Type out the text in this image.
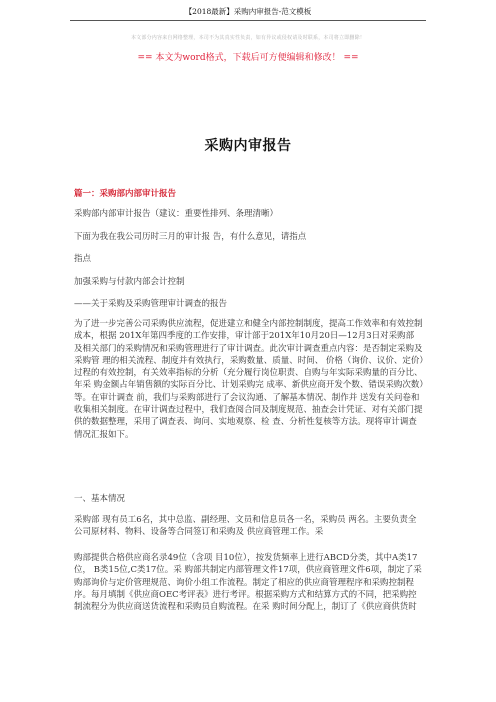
【2018最新】采购内审报告-范文模板
本文部分内容来自网络整理，本司不为其真实性负责，如有异议或侵权请及时联系，本司将立即删除！
== 本文为word格式，下载后可方便编辑和修改！ ==
采购内审报告
篇一：采购部内部审计报告
采购部内部审计报告（建议：重要性排列、条理清晰）
下面为我在我公司历时三月的审计报 告，有什么意见，请指点
指点
加强采购与付款内部会计控制
——关于采购及采购管理审计调查的报告
为了进一步完善公司采购供应流程，促进建立和健全内部控制制度，提高工作效率和有效控制成本，根据 201X年第四季度的工作安排，审计部于201X年10月20日—12月3日对采购部 及相关部门的采购情况和采购管理进行了审计调查。此次审计调查重点内容：是否制定采购及采购管 理的相关流程、制度并有效执行，采购数量、质量、时间、 价格（询价、议价、定价）过程的有效控制，有关效率指标的分析（充分履行岗位职责、自购与年实际采购量的百分比、年采 购金额占年销售额的实际百分比、计划采购完 成率、新供应商开发个数、错误采购次数）等。在审计调查 前，我们与采购部进行了会议沟通、了解基本情况、制作并 送发有关问卷和收集相关制度。在审计调查过程中，我们查阅合同及制度规范、抽查会计凭证、对有关部门提供的数据整理，采用了调查表、询问、实地观察、检 查、分析性复核等方法。现将审计调查情况汇报如下。
一、基本情况
采购部 现有员工6名，其中总监、副经理、文员和信息员各一名，采购员 两名。主要负责全公司原材料、物料、设备等合同签订和采购及 供应商管理工作。采
购部提供合格供应商名录49位（含项 目10位），按发货频率上进行ABCD分类，其中A类17位， B类15位,C类17位。采 购部共制定内部管理文件17项，供应商管理文件6项，制定了采购部询价与定价管理规范、询价小组工作流程。制定了相应的供应商管理程序和采购控制程序。每月填制《供应商OEC考评表》进行考评。根据采购方式和结算方式的不同，把采购控制流程分为供应商送货流程和采购员自购流程。在采 购时间分配上，制订了《供应商供货时
